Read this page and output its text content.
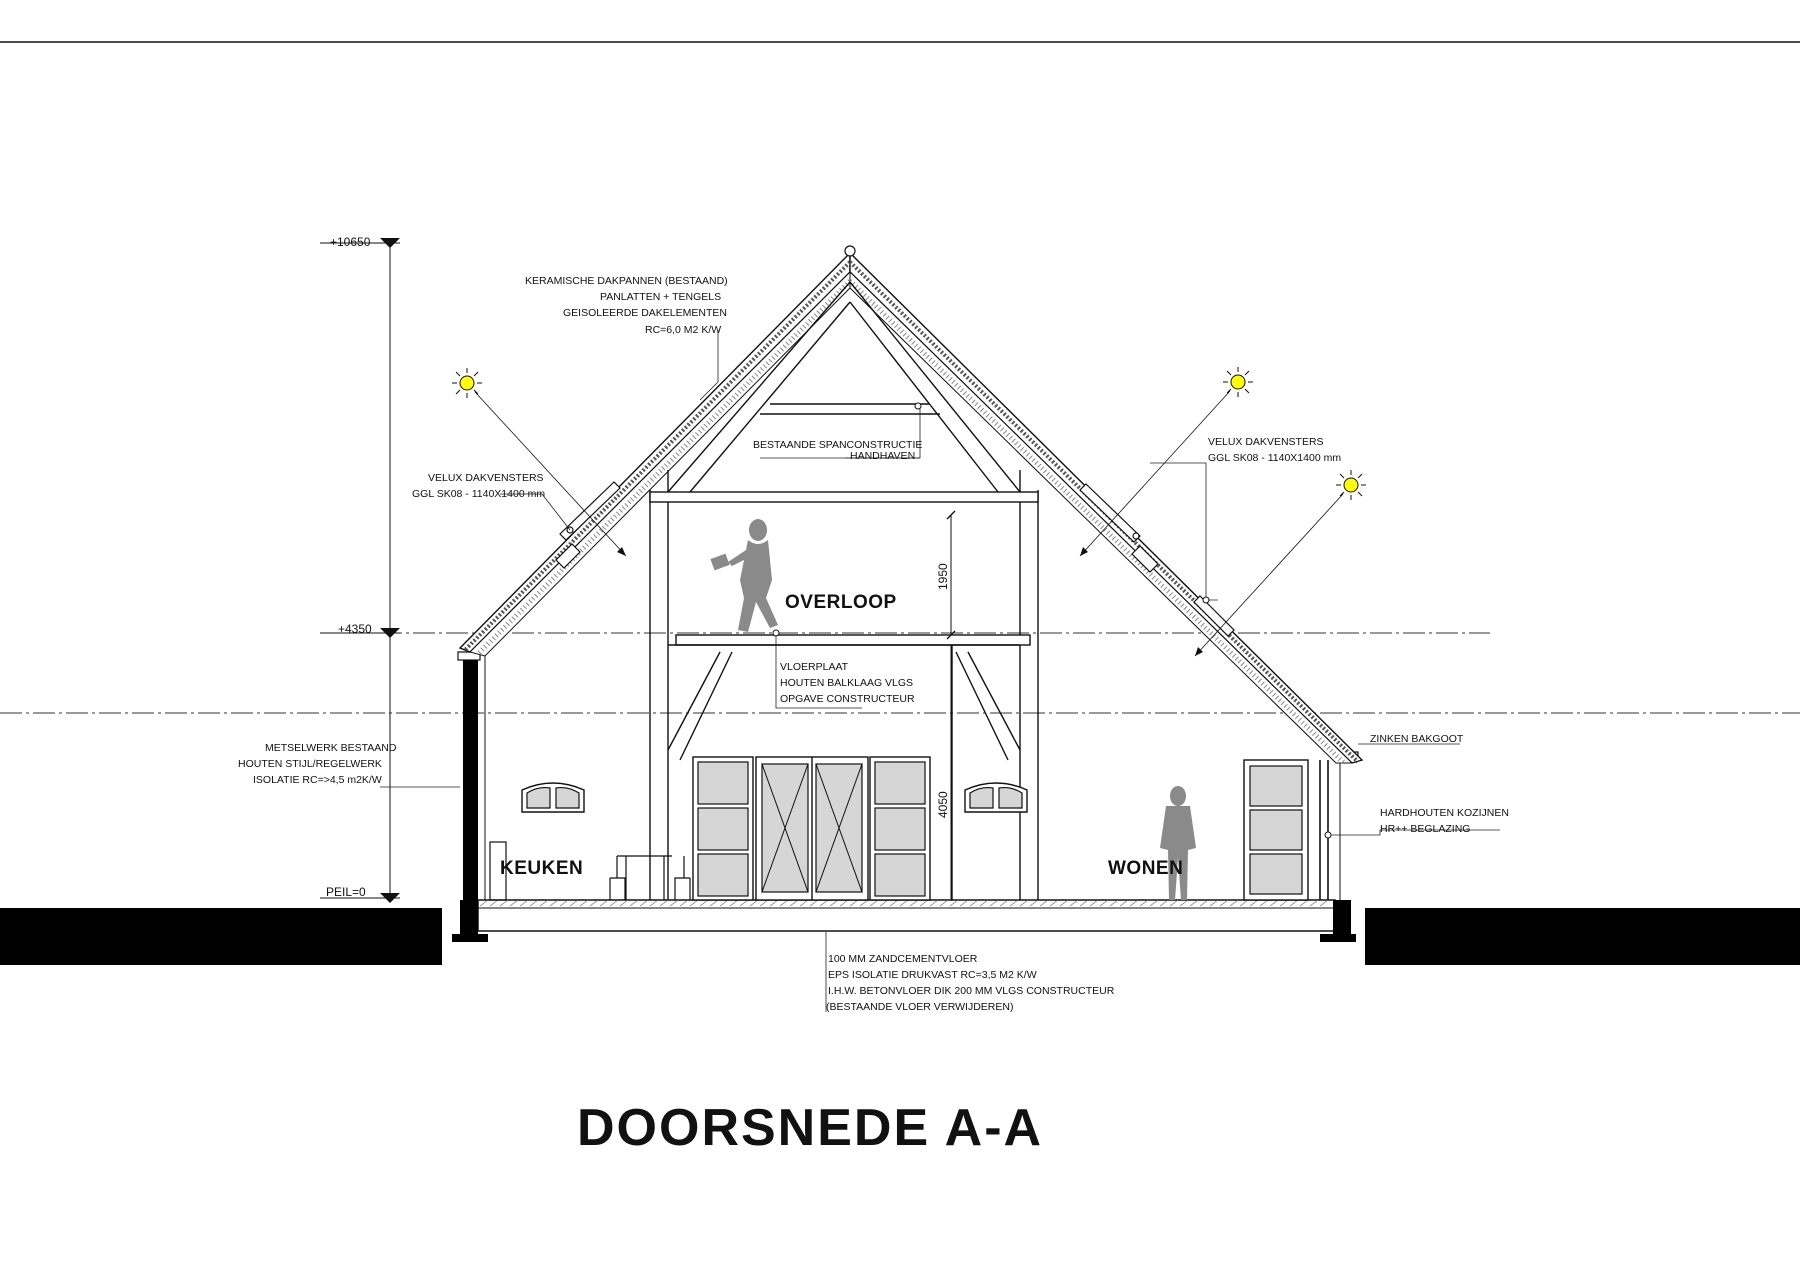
+10650
+4350
PEIL=0
1950
4050
KERAMISCHE DAKPANNEN (BESTAAND)
PANLATTEN + TENGELS
GEISOLEERDE DAKELEMENTEN
RC=6,0 M2 K/W
BESTAANDE SPANCONSTRUCTIE
HANDHAVEN
VELUX DAKVENSTERS
GGL SK08 - 1140X1400 mm
VELUX DAKVENSTERS
GGL SK08 - 1140X1400 mm
VLOERPLAAT
HOUTEN BALKLAAG VLGS
OPGAVE CONSTRUCTEUR
METSELWERK BESTAAND
HOUTEN STIJL/REGELWERK
ISOLATIE RC=>4,5 m2K/W
ZINKEN BAKGOOT
HARDHOUTEN KOZIJNEN
HR++ BEGLAZING
100 MM ZANDCEMENTVLOER
EPS ISOLATIE DRUKVAST RC=3,5 M2 K/W
I.H.W. BETONVLOER DIK 200 MM VLGS CONSTRUCTEUR
(BESTAANDE VLOER VERWIJDEREN)
OVERLOOP
KEUKEN	WONEN
DOORSNEDE A-A
